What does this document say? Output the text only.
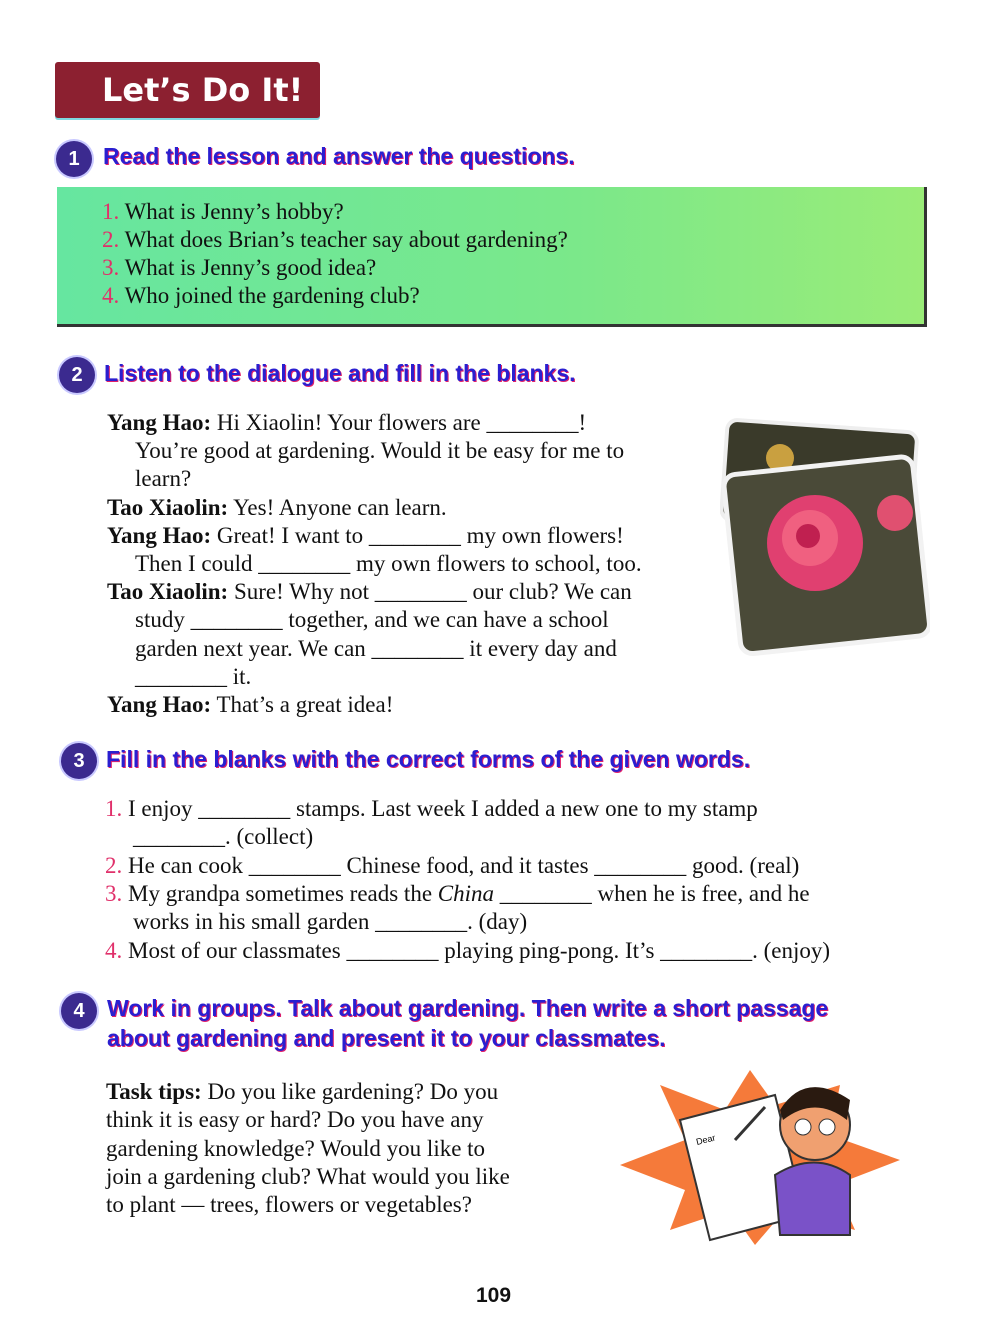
Let’s Do It!
1	Read the lesson and answer the questions.
1. What is Jenny’s hobby?
2. What does Brian’s teacher say about gardening?
3. What is Jenny’s good idea?
4. Who joined the gardening club?
2 Listen to the dialogue and fill in the blanks.
Yang Hao: Hi Xiaolin! Your flowers are ________!
You’re good at gardening. Would it be easy for me to
learn?
Tao Xiaolin: Yes! Anyone can learn.
Yang Hao: Great! I want to ________ my own flowers!
Then I could ________ my own flowers to school, too.
Tao Xiaolin: Sure! Why not ________ our club? We can
study ________ together, and we can have a school
garden next year. We can ________ it every day and
________ it.
Yang Hao: That’s a great idea!
3 Fill in the blanks with the correct forms of the given words.
1. I enjoy ________ stamps. Last week I added a new one to my stamp
________. (collect)
2. He can cook ________ Chinese food, and it tastes ________ good. (real)
3. My grandpa sometimes reads the China ________ when he is free, and he
works in his small garden ________. (day)
4. Most of our classmates ________ playing ping-pong. It’s ________. (enjoy)
4 Work in groups. Talk about gardening. Then write a short passage
about gardening and present it to your classmates.
Task tips: Do you like gardening? Do you
think it is easy or hard? Do you have any
gardening knowledge? Would you like to
join a gardening club? What would you like
to plant — trees, flowers or vegetables?
Dear
109
